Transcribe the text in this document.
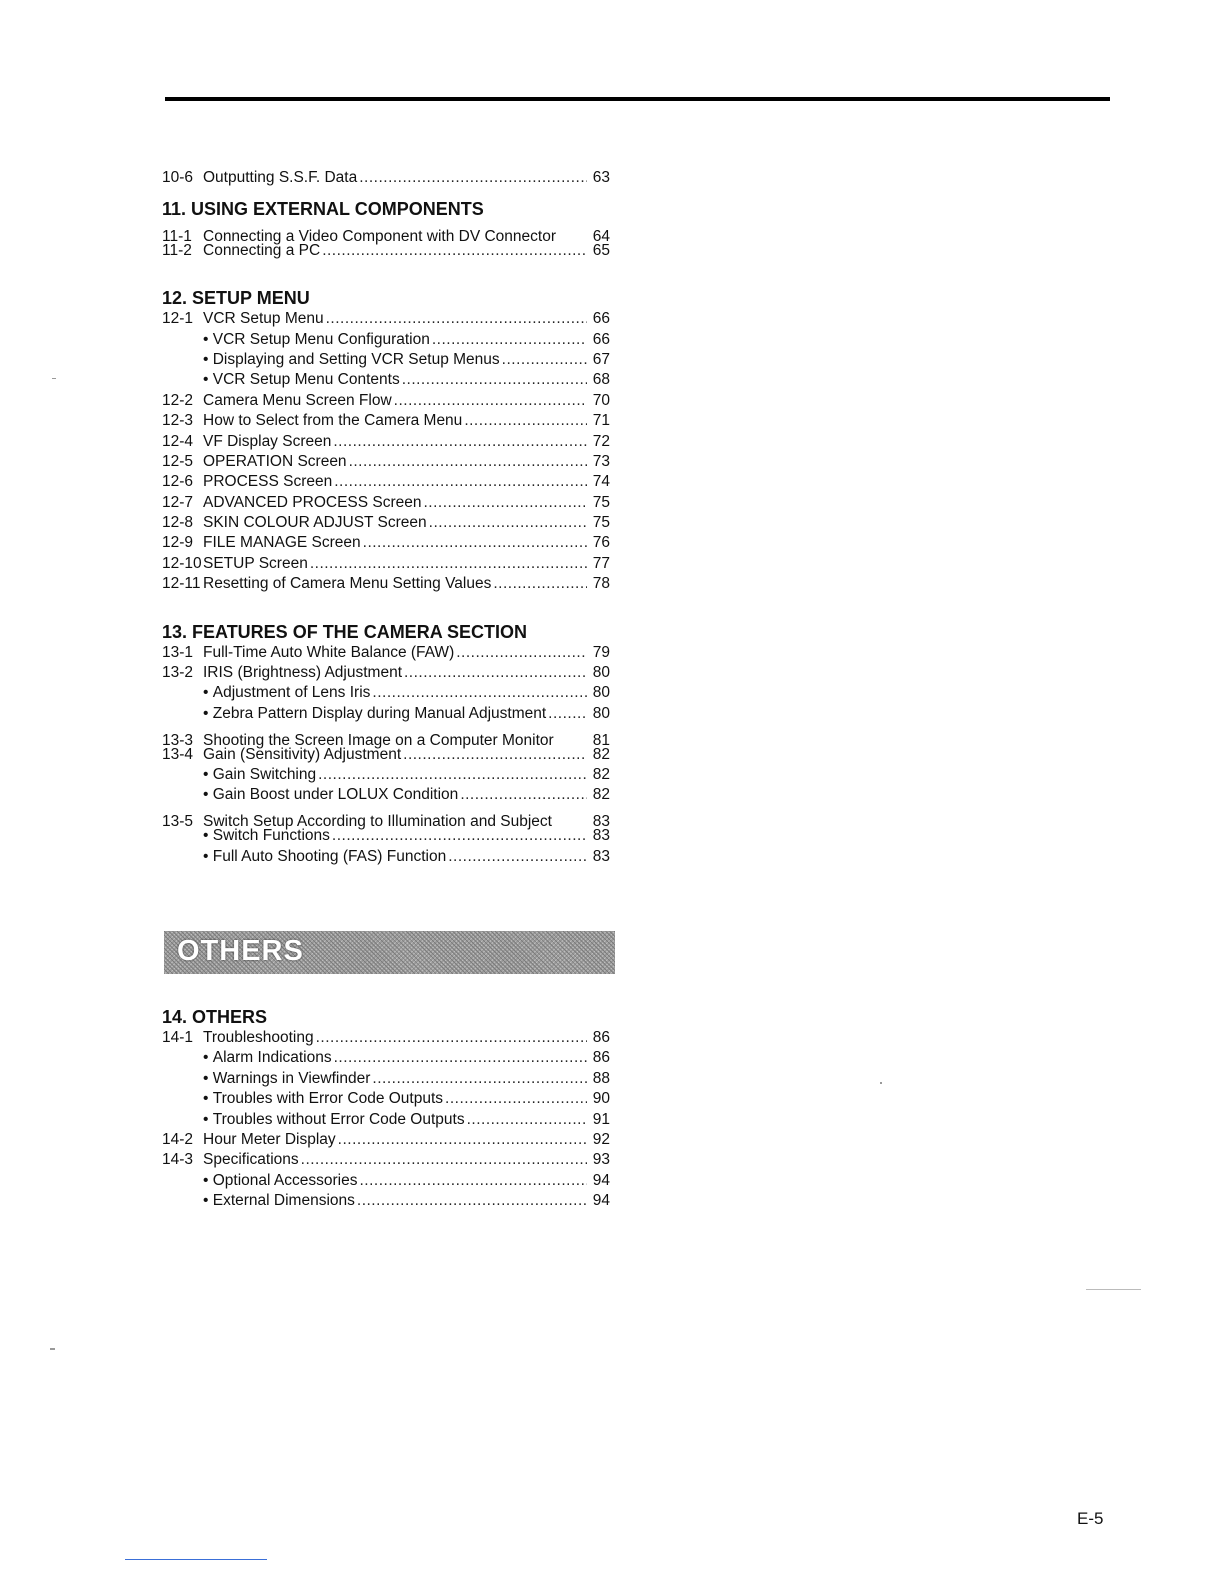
10-6 Outputting S.S.F. Data .....	63
11. USING EXTERNAL COMPONENTS
11-1 Connecting a Video Component with DV Connector 64
11-2 Connecting a PC .....	65
12. SETUP MENU
12-1 VCR Setup Menu .....	66
• VCR Setup Menu Configuration .....	66
• Displaying and Setting VCR Setup Menus .....	67
• VCR Setup Menu Contents .....	68
12-2 Camera Menu Screen Flow .....	70
12-3 How to Select from the Camera Menu .....	71
12-4 VF Display Screen .....	72
12-5 OPERATION Screen .....	73
12-6 PROCESS Screen .....	74
12-7 ADVANCED PROCESS Screen .....	75
12-8 SKIN COLOUR ADJUST Screen .....	75
12-9 FILE MANAGE Screen .....	76
12-10 SETUP Screen .....	77
12-11 Resetting of Camera Menu Setting Values .....	78
13. FEATURES OF THE CAMERA SECTION
13-1 Full-Time Auto White Balance (FAW) .....	79
13-2 IRIS (Brightness) Adjustment .....	80
• Adjustment of Lens Iris .....	80
• Zebra Pattern Display during Manual Adjustment .....	80
13-3 Shooting the Screen Image on a Computer Monitor	81
13-4 Gain (Sensitivity) Adjustment .....	82
• Gain Switching .....	82
• Gain Boost under LOLUX Condition .....	82
13-5 Switch Setup According to Illumination and Subject	83
• Switch Functions .....	83
• Full Auto Shooting (FAS) Function .....	83
OTHERS
14. OTHERS
14-1 Troubleshooting .....	86
• Alarm Indications .....	86
• Warnings in Viewfinder .....	88
• Troubles with Error Code Outputs .....	90
• Troubles without Error Code Outputs .....	91
14-2 Hour Meter Display .....	92
14-3 Specifications .....	93
• Optional Accessories .....	94
• External Dimensions .....	94
E-5
